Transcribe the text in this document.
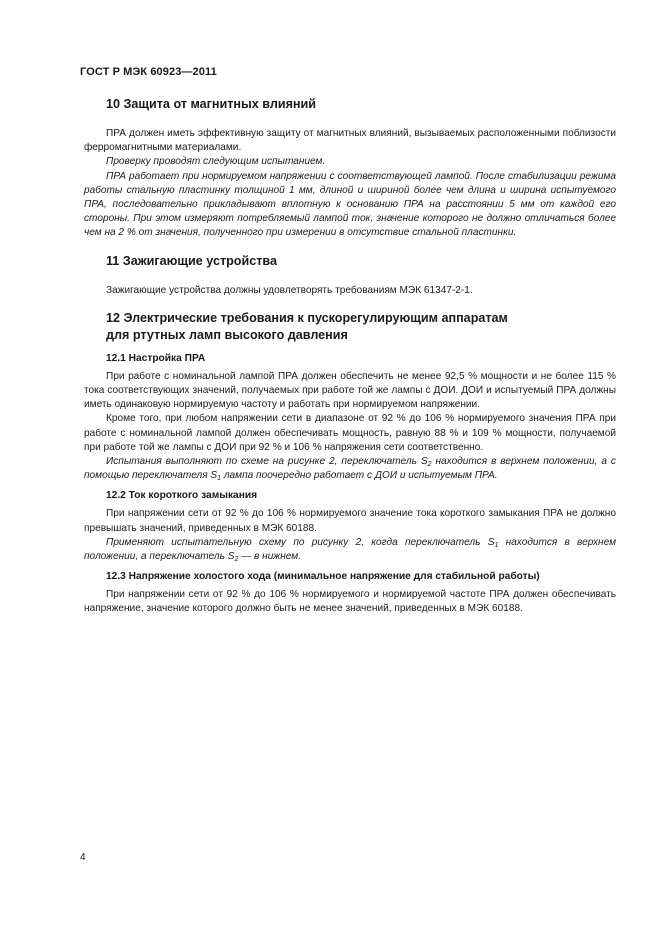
ГОСТ Р МЭК 60923—2011
10 Защита от магнитных влияний

ПРА должен иметь эффективную защиту от магнитных влияний, вызываемых расположенными поблизости ферромагнитными материалами.

Проверку проводят следующим испытанием.

ПРА работает при нормируемом напряжении с соответствующей лампой. После стабилизации режима работы стальную пластинку толщиной 1 мм, длиной и шириной более чем длина и ширина испытуемого ПРА, последовательно прикладывают вплотную к основанию ПРА на расстоянии 5 мм от каждой его стороны. При этом измеряют потребляемый лампой ток, значение которого не должно отличаться более чем на 2 % от значения, полученного при измерении в отсутствие стальной пластинки.

11 Зажигающие устройства

Зажигающие устройства должны удовлетворять требованиям МЭК 61347-2-1.

12 Электрические требования к пускорегулирующим аппаратам
для ртутных ламп высокого давления
12.1 Настройка ПРА

При работе с номинальной лампой ПРА должен обеспечить не менее 92,5 % мощности и не более 115 % тока соответствующих значений, получаемых при работе той же лампы с ДОИ. ДОИ и испытуемый ПРА должны иметь одинаковую нормируемую частоту и работать при нормируемом напряжении.

Кроме того, при любом напряжении сети в диапазоне от 92 % до 106 % нормируемого значения ПРА при работе с номинальной лампой должен обеспечивать мощность, равную 88 % и 109 % мощности, получаемой при работе той же лампы с ДОИ при 92 % и 106 % напряжения сети соответственно.

Испытания выполняют по схеме на рисунке 2, переключатель $S_2$ находится в верхнем положении, а с помощью переключателя $S_1$ лампа поочередно работает с ДОИ и испытуемым ПРА.

12.2 Ток короткого замыкания

При напряжении сети от 92 % до 106 % нормируемого значение тока короткого замыкания ПРА не должно превышать значений, приведенных в МЭК 60188.

Применяют испытательную схему по рисунку 2, когда переключатель $S_1$ находится в верхнем положении, а переключатель $S_2$ — в нижнем.

12.3 Напряжение холостого хода (минимальное напряжение для стабильной работы)

При напряжении сети от 92 % до 106 % нормируемого и нормируемой частоте ПРА должен обеспечивать напряжение, значение которого должно быть не менее значений, приведенных в МЭК 60188.

4
